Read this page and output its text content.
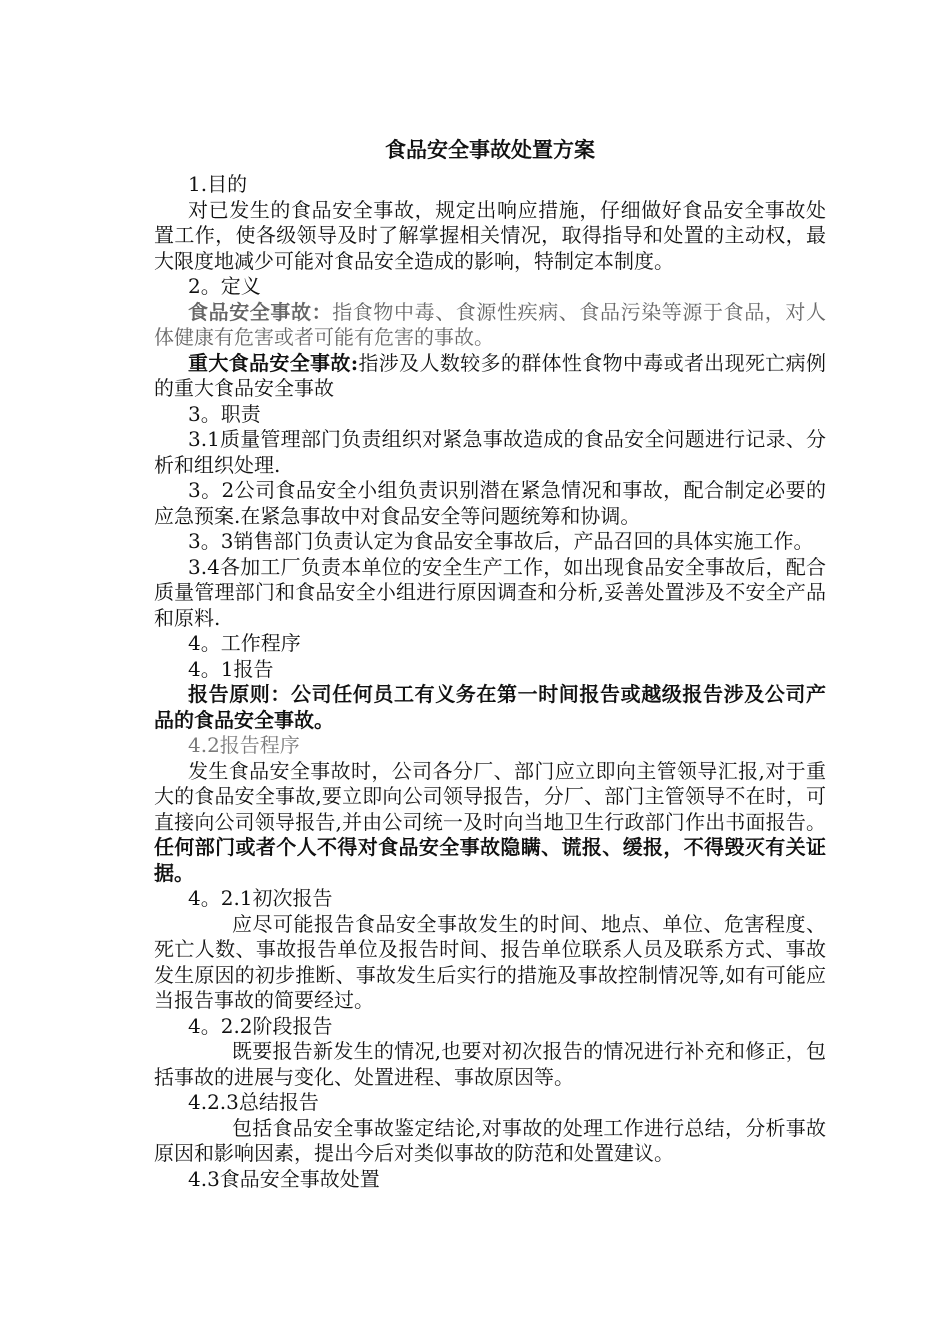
食品安全事故处置方案

1.目的

对已发生的食品安全事故，规定出响应措施，仔细做好食品安全事故处置工作，使各级领导及时了解掌握相关情况，取得指导和处置的主动权，最大限度地减少可能对食品安全造成的影响，特制定本制度。

2。定义

食品安全事故：指食物中毒、食源性疾病、食品污染等源于食品，对人体健康有危害或者可能有危害的事故。

重大食品安全事故:指涉及人数较多的群体性食物中毒或者出现死亡病例的重大食品安全事故

3。职责

3.1质量管理部门负责组织对紧急事故造成的食品安全问题进行记录、分析和组织处理.

3。2公司食品安全小组负责识别潜在紧急情况和事故，配合制定必要的应急预案.在紧急事故中对食品安全等问题统筹和协调。

3。3销售部门负责认定为食品安全事故后，产品召回的具体实施工作。

3.4各加工厂负责本单位的安全生产工作，如出现食品安全事故后，配合质量管理部门和食品安全小组进行原因调查和分析,妥善处置涉及不安全产品和原料.

4。工作程序

4。1报告

报告原则：公司任何员工有义务在第一时间报告或越级报告涉及公司产品的食品安全事故。

4.2报告程序

发生食品安全事故时，公司各分厂、部门应立即向主管领导汇报,对于重大的食品安全事故,要立即向公司领导报告，分厂、部门主管领导不在时，可直接向公司领导报告,并由公司统一及时向当地卫生行政部门作出书面报告。任何部门或者个人不得对食品安全事故隐瞒、谎报、缓报，不得毁灭有关证据。

4。2.1初次报告

应尽可能报告食品安全事故发生的时间、地点、单位、危害程度、死亡人数、事故报告单位及报告时间、报告单位联系人员及联系方式、事故发生原因的初步推断、事故发生后实行的措施及事故控制情况等,如有可能应当报告事故的简要经过。

4。2.2阶段报告

既要报告新发生的情况,也要对初次报告的情况进行补充和修正，包括事故的进展与变化、处置进程、事故原因等。

4.2.3总结报告

包括食品安全事故鉴定结论,对事故的处理工作进行总结，分析事故原因和影响因素，提出今后对类似事故的防范和处置建议。

4.3食品安全事故处置
